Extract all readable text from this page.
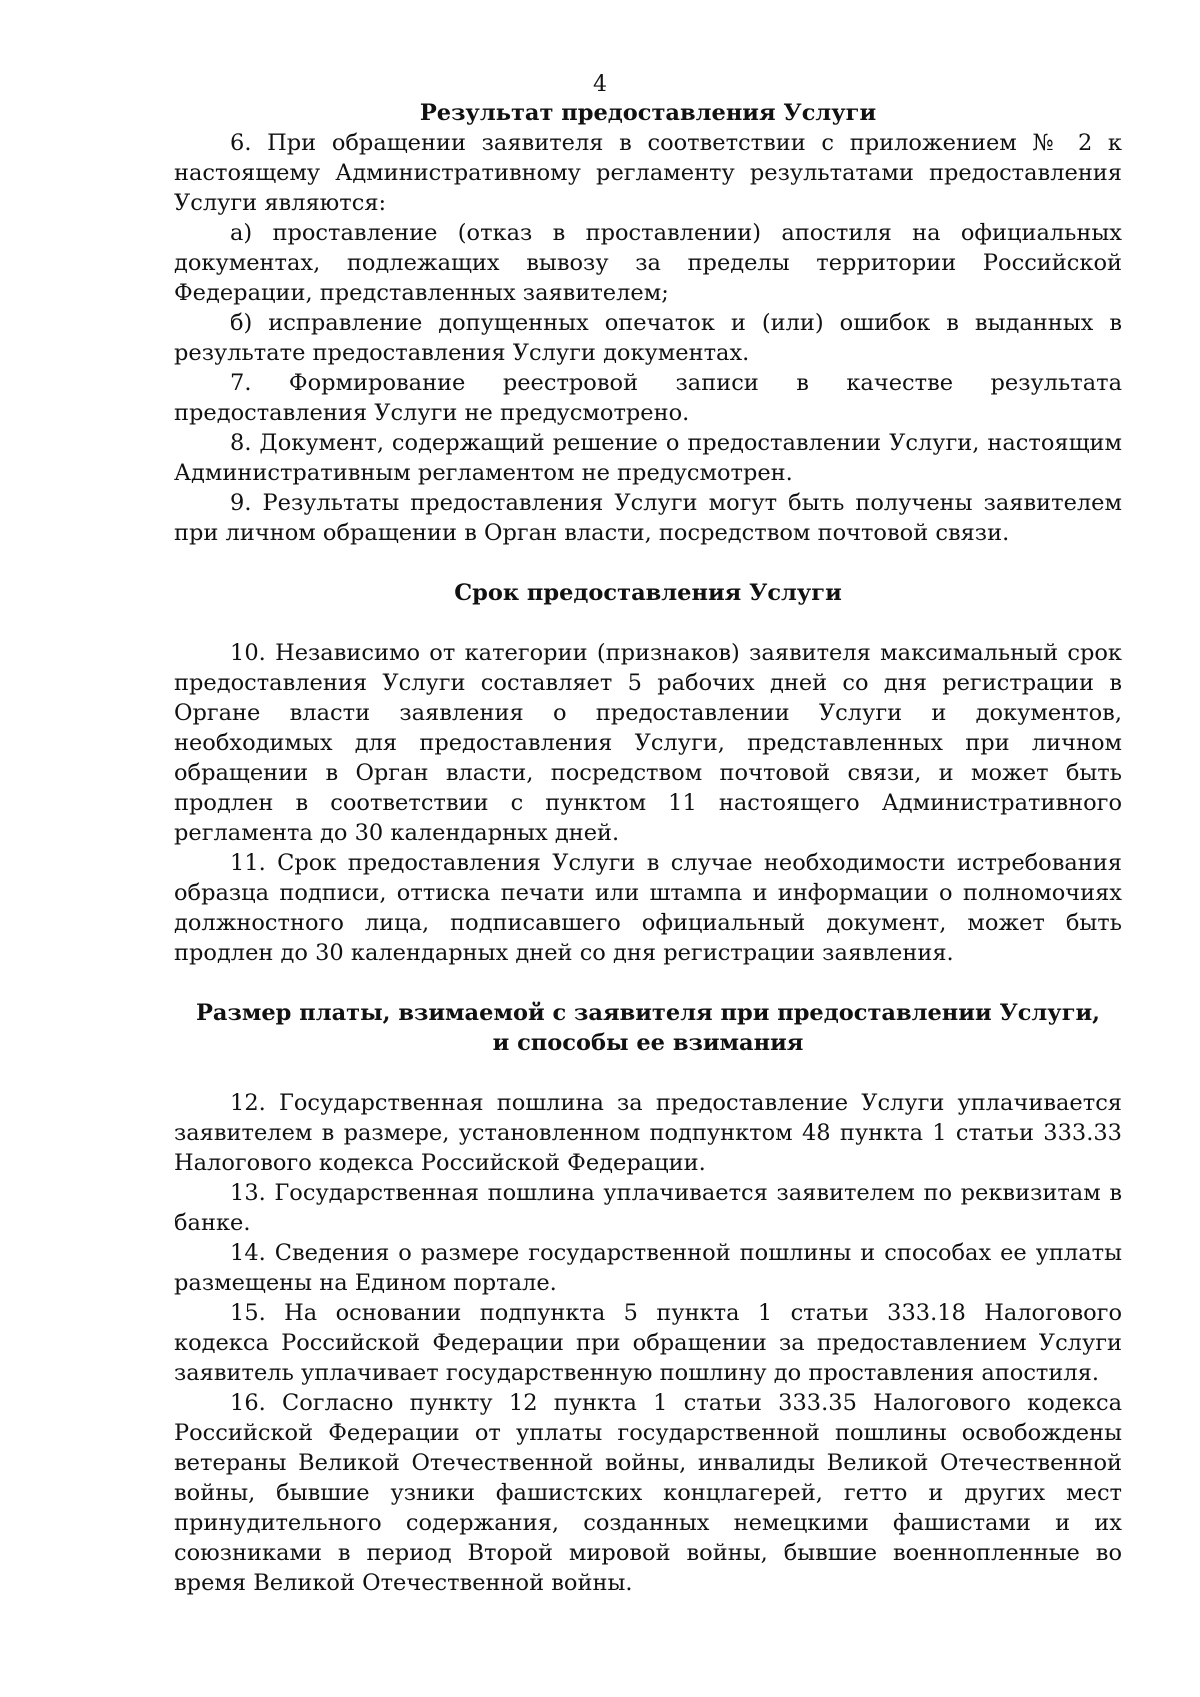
4
Результат предоставления Услуги

6. При обращении заявителя в соответствии с приложением № 2 к настоящему Административному регламенту результатами предоставления Услуги являются:

а) проставление (отказ в проставлении) апостиля на официальных документах, подлежащих вывозу за пределы территории Российской Федерации, представленных заявителем;

б) исправление допущенных опечаток и (или) ошибок в выданных в результате предоставления Услуги документах.

7. Формирование реестровой записи в качестве результата предоставления Услуги не предусмотрено.

8. Документ, содержащий решение о предоставлении Услуги, настоящим Административным регламентом не предусмотрен.

9. Результаты предоставления Услуги могут быть получены заявителем при личном обращении в Орган власти, посредством почтовой связи.

Срок предоставления Услуги

10. Независимо от категории (признаков) заявителя максимальный срок предоставления Услуги составляет 5 рабочих дней со дня регистрации в Органе власти заявления о предоставлении Услуги и документов, необходимых для предоставления Услуги, представленных при личном обращении в Орган власти, посредством почтовой связи, и может быть продлен в соответствии с пунктом 11 настоящего Административного регламента до 30 календарных дней.

11. Срок предоставления Услуги в случае необходимости истребования образца подписи, оттиска печати или штампа и информации о полномочиях должностного лица, подписавшего официальный документ, может быть продлен до 30 календарных дней со дня регистрации заявления.

Размер платы, взимаемой с заявителя при предоставлении Услуги,
и способы ее взимания

12. Государственная пошлина за предоставление Услуги уплачивается заявителем в размере, установленном подпунктом 48 пункта 1 статьи 333.33 Налогового кодекса Российской Федерации.

13. Государственная пошлина уплачивается заявителем по реквизитам в банке.

14. Сведения о размере государственной пошлины и способах ее уплаты размещены на Едином портале.

15. На основании подпункта 5 пункта 1 статьи 333.18 Налогового кодекса Российской Федерации при обращении за предоставлением Услуги заявитель уплачивает государственную пошлину до проставления апостиля.

16. Согласно пункту 12 пункта 1 статьи 333.35 Налогового кодекса Российской Федерации от уплаты государственной пошлины освобождены ветераны Великой Отечественной войны, инвалиды Великой Отечественной войны, бывшие узники фашистских концлагерей, гетто и других мест принудительного содержания, созданных немецкими фашистами и их союзниками в период Второй мировой войны, бывшие военнопленные во время Великой Отечественной войны.
